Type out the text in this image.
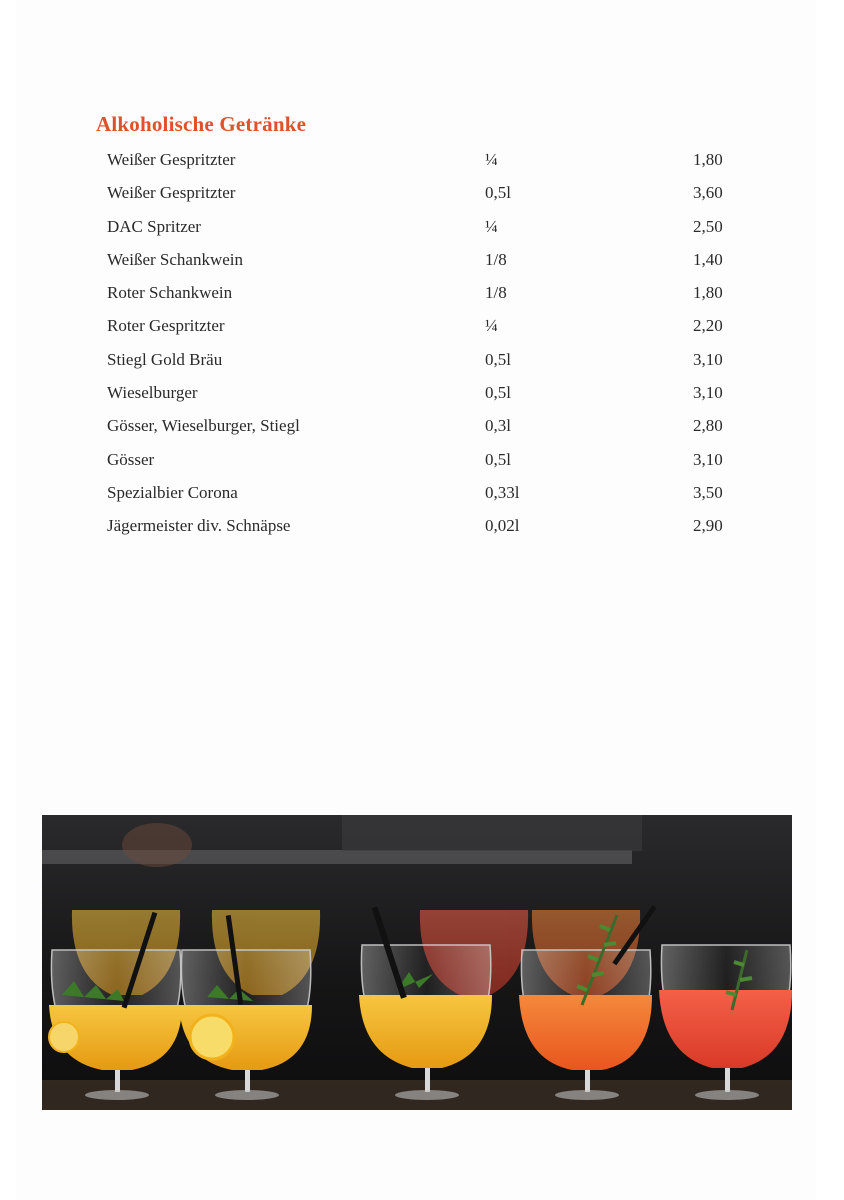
Alkoholische Getränke
Weißer Gespritzter	¼	1,80
Weißer Gespritzter	0,5l	3,60
DAC Spritzer	¼	2,50
Weißer Schankwein	1/8	1,40
Roter Schankwein	1/8	1,80
Roter Gespritzter	¼	2,20
Stiegl Gold Bräu	0,5l	3,10
Wieselburger	0,5l	3,10
Gösser, Wieselburger, Stiegl	0,3l	2,80
Gösser	0,5l	3,10
Spezialbier Corona	0,33l	3,50
Jägermeister div. Schnäpse	0,02l	2,90
